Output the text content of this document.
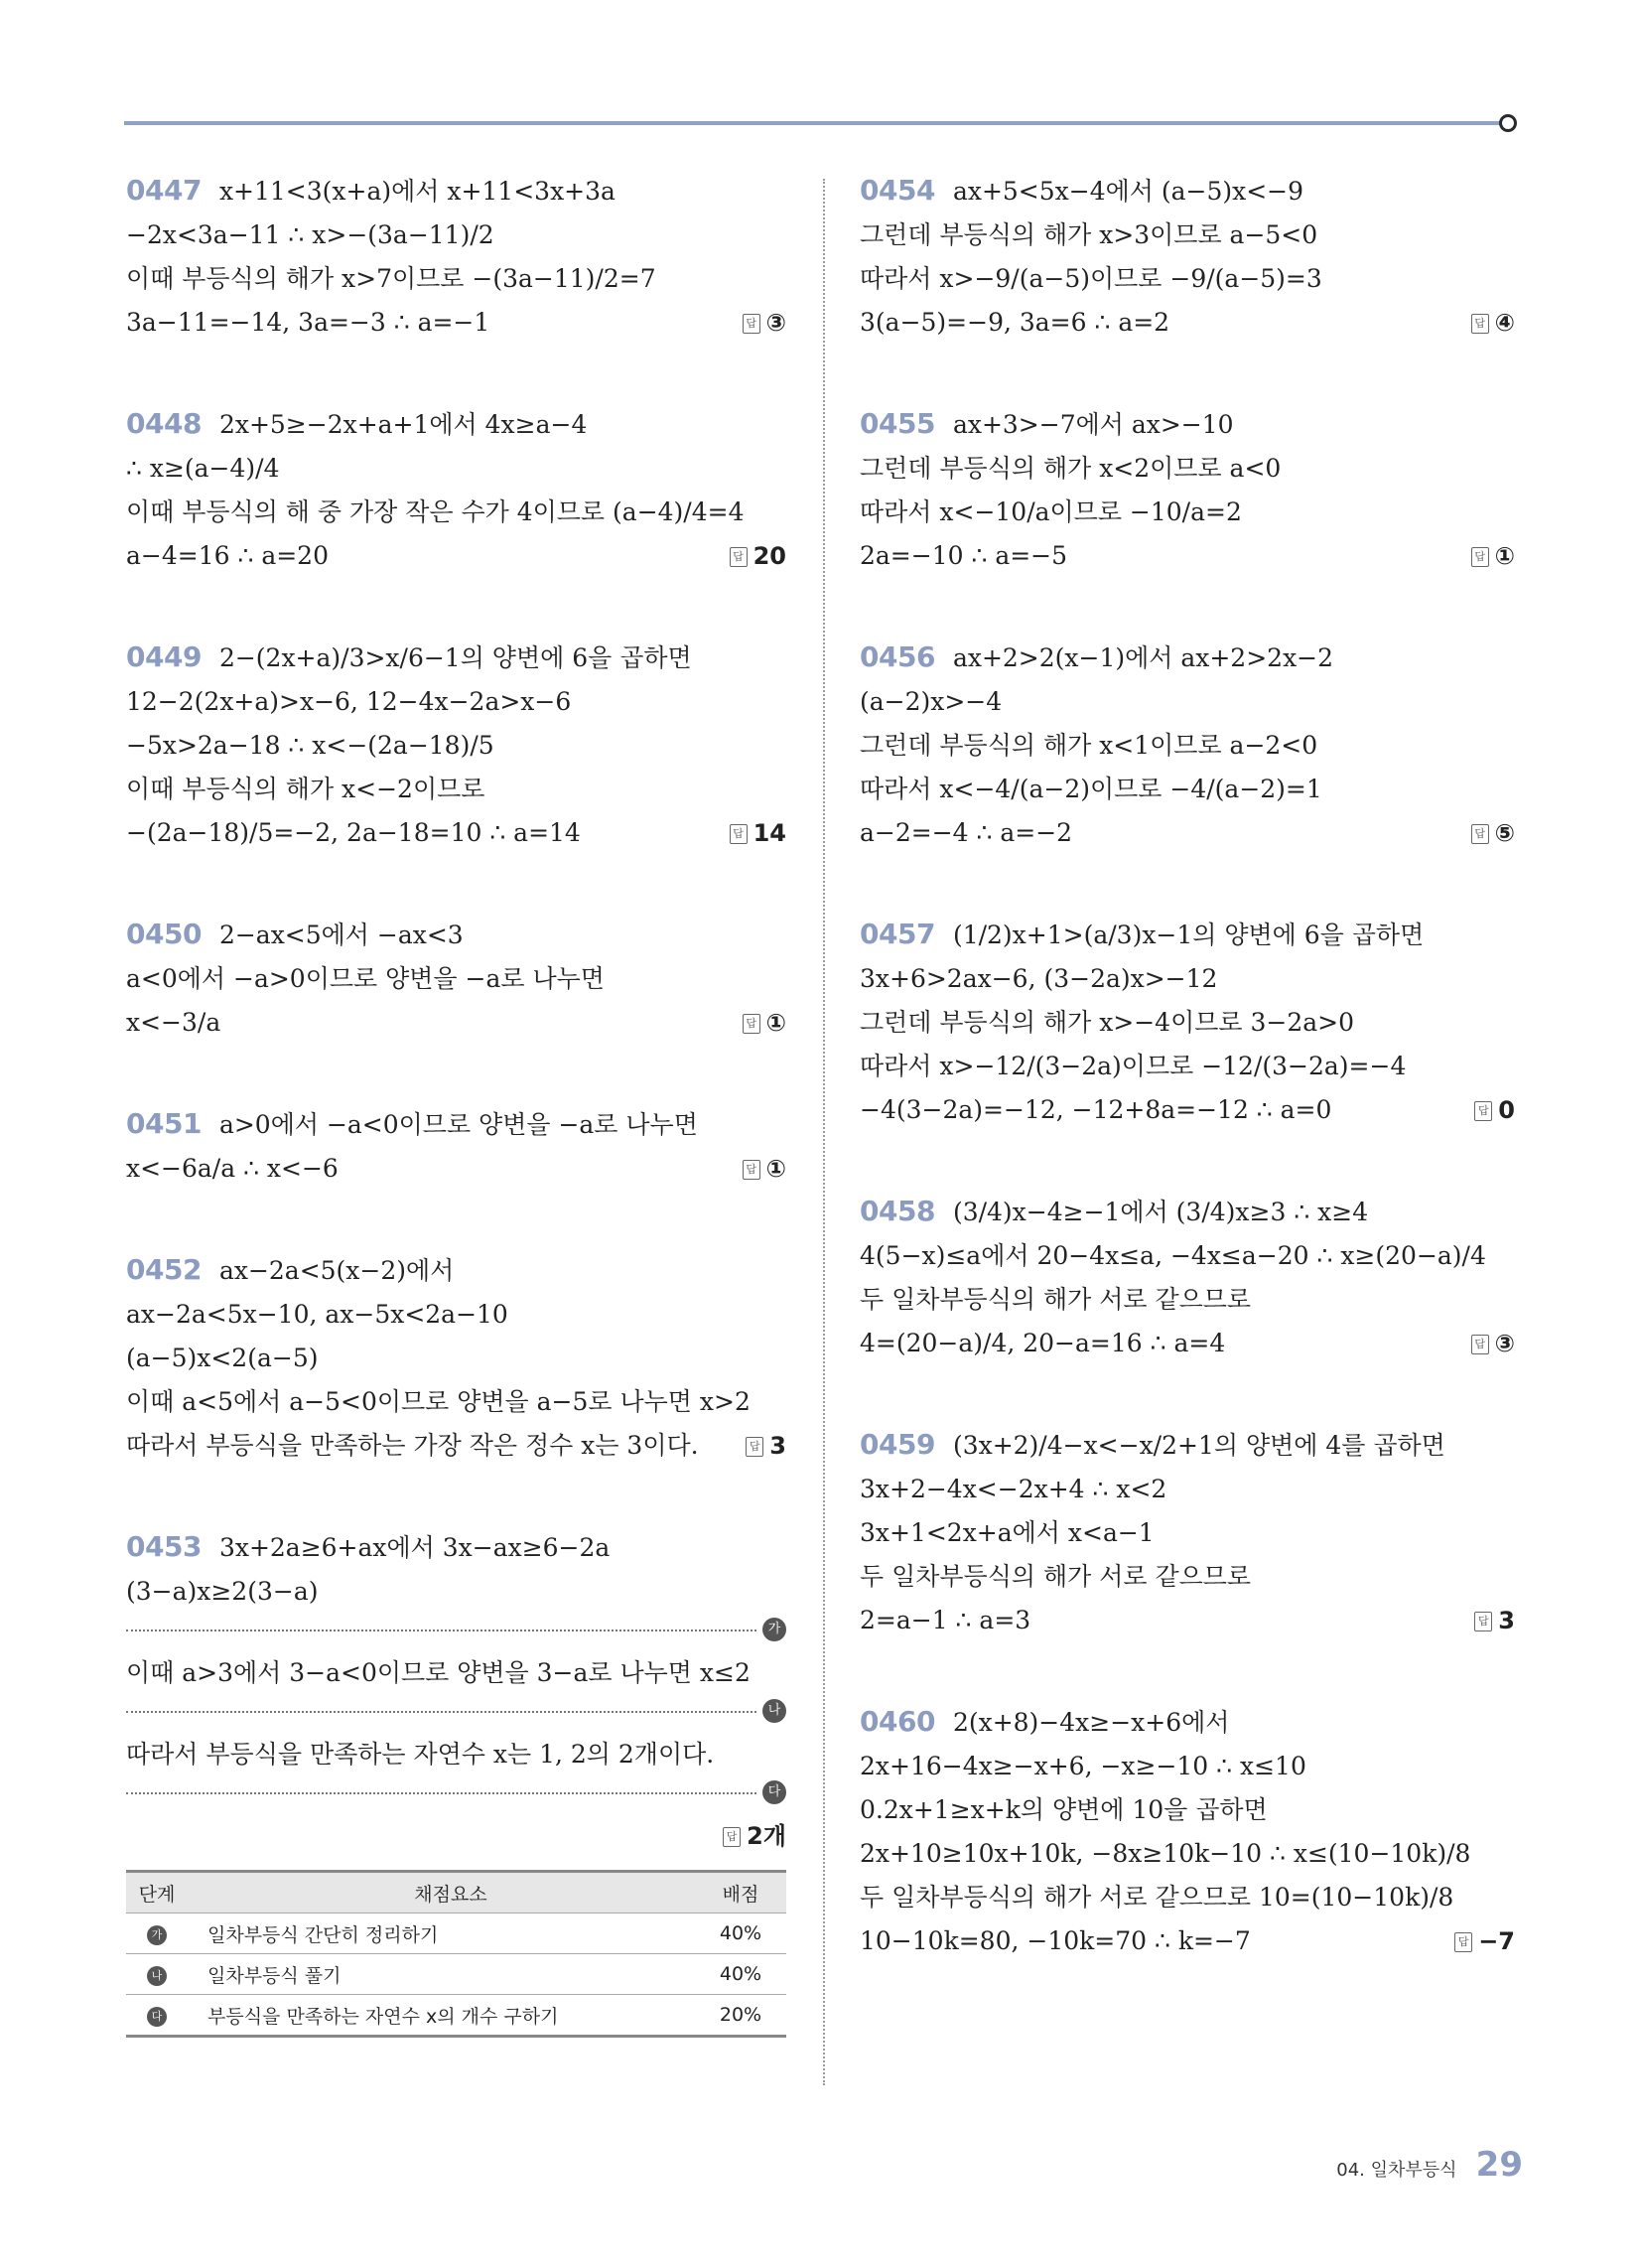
0447 x+11<3(x+a)에서 x+11<3x+3a
−2x<3a−11 ∴ x>−(3a−11)/2
이때 부등식의 해가 x>7이므로 −(3a−11)/2=7
3a−11=−14, 3a=−3 ∴ a=−1	답 ③
0448 2x+5≥−2x+a+1에서 4x≥a−4
∴ x≥(a−4)/4
이때 부등식의 해 중 가장 작은 수가 4이므로 (a−4)/4=4
a−4=16 ∴ a=20	답 20
0449 2−(2x+a)/3>x/6−1의 양변에 6을 곱하면
12−2(2x+a)>x−6, 12−4x−2a>x−6
−5x>2a−18 ∴ x<−(2a−18)/5
이때 부등식의 해가 x<−2이므로
−(2a−18)/5=−2, 2a−18=10 ∴ a=14	답 14
0450 2−ax<5에서 −ax<3
a<0에서 −a>0이므로 양변을 −a로 나누면
x<−3/a	답 ①
0451 a>0에서 −a<0이므로 양변을 −a로 나누면
x<−6a/a ∴ x<−6	답 ①
0452 ax−2a<5(x−2)에서
ax−2a<5x−10, ax−5x<2a−10
(a−5)x<2(a−5)
이때 a<5에서 a−5<0이므로 양변을 a−5로 나누면 x>2
따라서 부등식을 만족하는 가장 작은 정수 x는 3이다.	답 3
0453 3x+2a≥6+ax에서 3x−ax≥6−2a
(3−a)x≥2(3−a)
가
이때 a>3에서 3−a<0이므로 양변을 3−a로 나누면 x≤2
나
따라서 부등식을 만족하는 자연수 x는 1, 2의 2개이다.
다
답 2개
단계	채점요소	배점
가	일차부등식 간단히 정리하기	40%
나	일차부등식 풀기	40%
다	부등식을 만족하는 자연수 x의 개수 구하기	20%
0454 ax+5<5x−4에서 (a−5)x<−9
그런데 부등식의 해가 x>3이므로 a−5<0
따라서 x>−9/(a−5)이므로 −9/(a−5)=3
3(a−5)=−9, 3a=6 ∴ a=2	답 ④
0455 ax+3>−7에서 ax>−10
그런데 부등식의 해가 x<2이므로 a<0
따라서 x<−10/a이므로 −10/a=2
2a=−10 ∴ a=−5	답 ①
0456 ax+2>2(x−1)에서 ax+2>2x−2
(a−2)x>−4
그런데 부등식의 해가 x<1이므로 a−2<0
따라서 x<−4/(a−2)이므로 −4/(a−2)=1
a−2=−4 ∴ a=−2	답 ⑤
0457 (1/2)x+1>(a/3)x−1의 양변에 6을 곱하면
3x+6>2ax−6, (3−2a)x>−12
그런데 부등식의 해가 x>−4이므로 3−2a>0
따라서 x>−12/(3−2a)이므로 −12/(3−2a)=−4
−4(3−2a)=−12, −12+8a=−12 ∴ a=0	답 0
0458 (3/4)x−4≥−1에서 (3/4)x≥3 ∴ x≥4
4(5−x)≤a에서 20−4x≤a, −4x≤a−20 ∴ x≥(20−a)/4
두 일차부등식의 해가 서로 같으므로
4=(20−a)/4, 20−a=16 ∴ a=4	답 ③
0459 (3x+2)/4−x<−x/2+1의 양변에 4를 곱하면
3x+2−4x<−2x+4 ∴ x<2
3x+1<2x+a에서 x<a−1
두 일차부등식의 해가 서로 같으므로
2=a−1 ∴ a=3	답 3
0460 2(x+8)−4x≥−x+6에서
2x+16−4x≥−x+6, −x≥−10 ∴ x≤10
0.2x+1≥x+k의 양변에 10을 곱하면
2x+10≥10x+10k, −8x≥10k−10 ∴ x≤(10−10k)/8
두 일차부등식의 해가 서로 같으므로 10=(10−10k)/8
10−10k=80, −10k=70 ∴ k=−7	답 −7
04. 일차부등식 29
